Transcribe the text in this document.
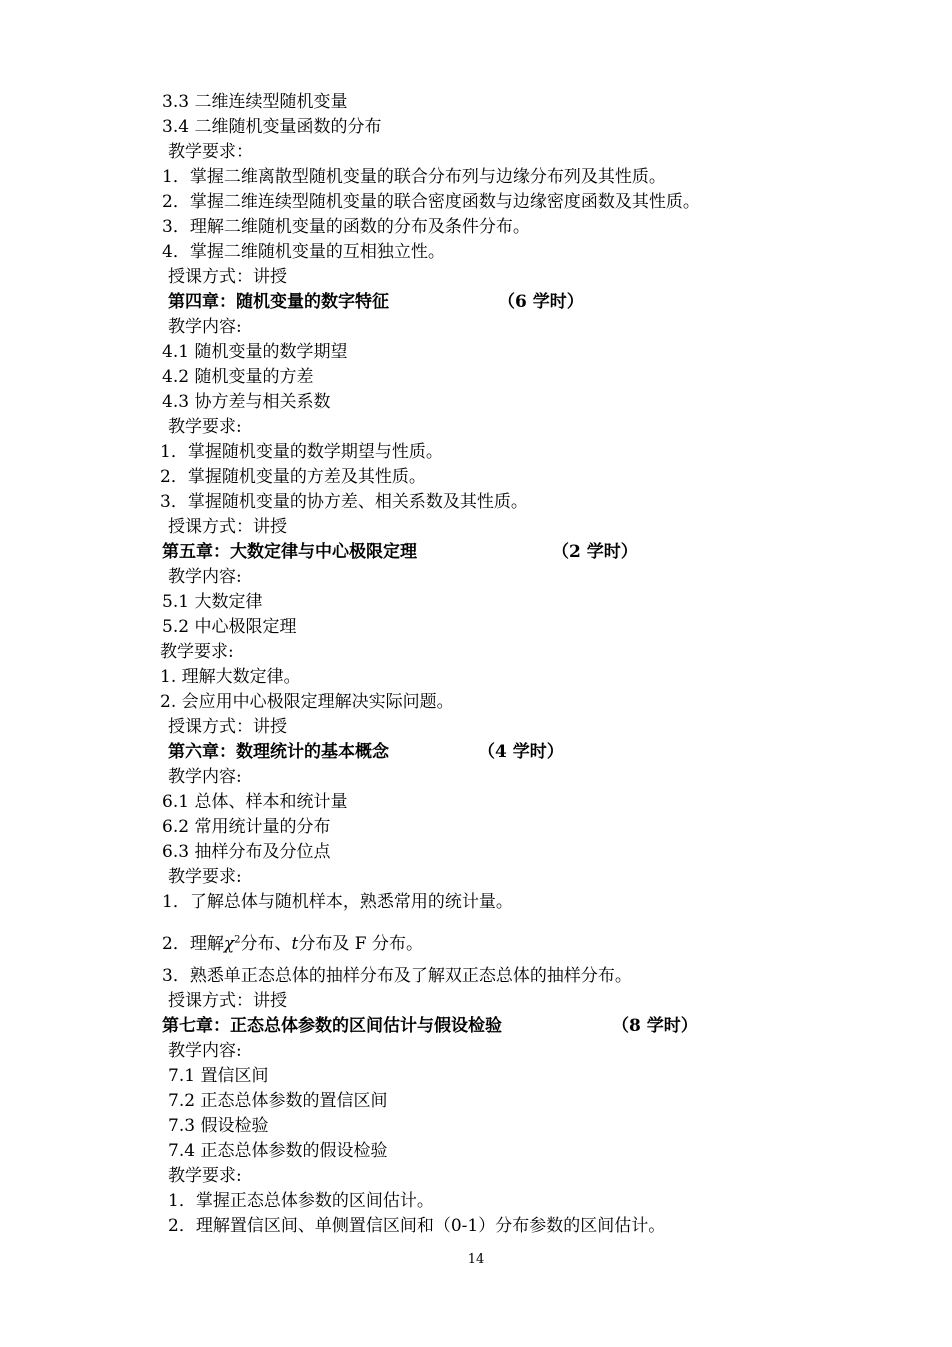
3.3 二维连续型随机变量
3.4 二维随机变量函数的分布
教学要求：
1．掌握二维离散型随机变量的联合分布列与边缘分布列及其性质。
2．掌握二维连续型随机变量的联合密度函数与边缘密度函数及其性质。
3．理解二维随机变量的函数的分布及条件分布。
4．掌握二维随机变量的互相独立性。
授课方式：讲授
第四章：随机变量的数字特征	（6 学时）
教学内容:
4.1 随机变量的数学期望
4.2 随机变量的方差
4.3 协方差与相关系数
教学要求:
1．掌握随机变量的数学期望与性质。
2．掌握随机变量的方差及其性质。
3．掌握随机变量的协方差、相关系数及其性质。
授课方式：讲授
第五章：大数定律与中心极限定理	（2 学时）
教学内容:
5.1 大数定律
5.2 中心极限定理
教学要求:
1. 理解大数定律。
2. 会应用中心极限定理解决实际问题。
授课方式：讲授
第六章：数理统计的基本概念	（4 学时）
教学内容:
6.1 总体、样本和统计量
6.2 常用统计量的分布
6.3 抽样分布及分位点
教学要求:
1．了解总体与随机样本，熟悉常用的统计量。
2．理解$\chi^2$分布、t分布及 F 分布。
3．熟悉单正态总体的抽样分布及了解双正态总体的抽样分布。
授课方式：讲授
第七章：正态总体参数的区间估计与假设检验	（8 学时）
教学内容:
7.1 置信区间
7.2 正态总体参数的置信区间
7.3 假设检验
7.4 正态总体参数的假设检验
教学要求:
1．掌握正态总体参数的区间估计。
2．理解置信区间、单侧置信区间和（0-1）分布参数的区间估计。
14
